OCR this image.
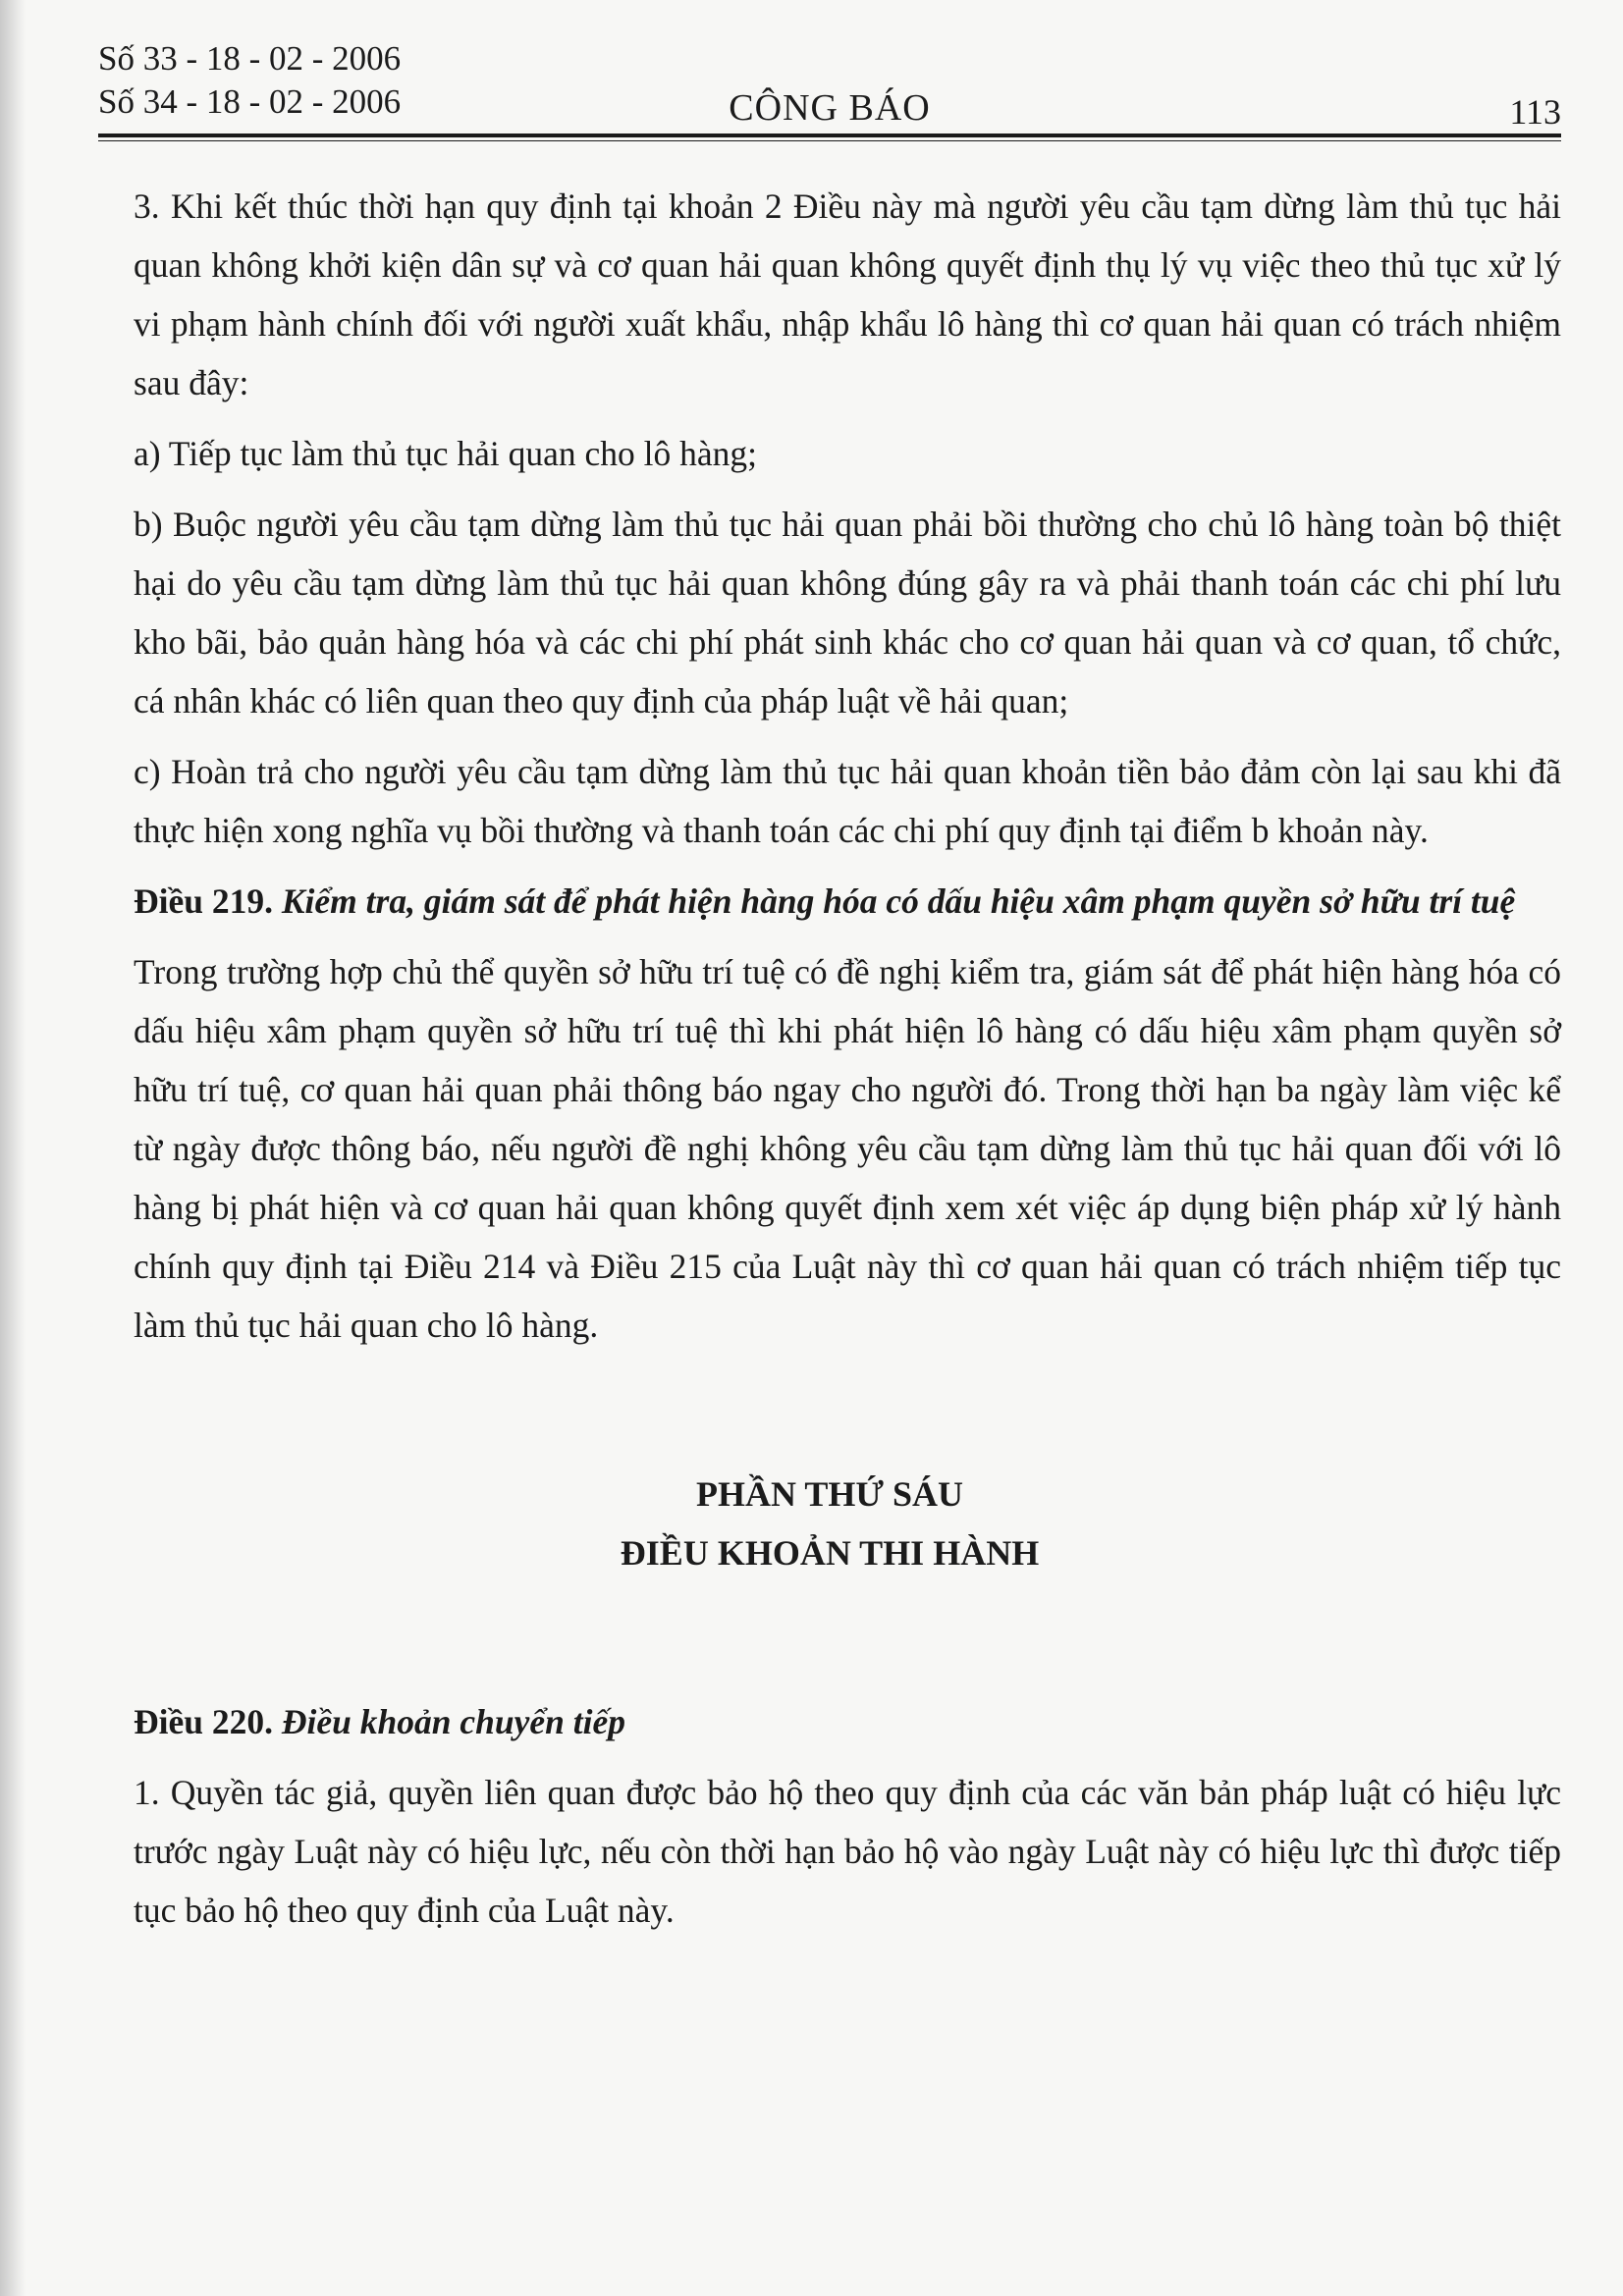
Số 33 - 18 - 02 - 2006
Số 34 - 18 - 02 - 2006	CÔNG BÁO	113

3. Khi kết thúc thời hạn quy định tại khoản 2 Điều này mà người yêu cầu tạm dừng làm thủ tục hải quan không khởi kiện dân sự và cơ quan hải quan không quyết định thụ lý vụ việc theo thủ tục xử lý vi phạm hành chính đối với người xuất khẩu, nhập khẩu lô hàng thì cơ quan hải quan có trách nhiệm sau đây:

a) Tiếp tục làm thủ tục hải quan cho lô hàng;

b) Buộc người yêu cầu tạm dừng làm thủ tục hải quan phải bồi thường cho chủ lô hàng toàn bộ thiệt hại do yêu cầu tạm dừng làm thủ tục hải quan không đúng gây ra và phải thanh toán các chi phí lưu kho bãi, bảo quản hàng hóa và các chi phí phát sinh khác cho cơ quan hải quan và cơ quan, tổ chức, cá nhân khác có liên quan theo quy định của pháp luật về hải quan;

c) Hoàn trả cho người yêu cầu tạm dừng làm thủ tục hải quan khoản tiền bảo đảm còn lại sau khi đã thực hiện xong nghĩa vụ bồi thường và thanh toán các chi phí quy định tại điểm b khoản này.

Điều 219. Kiểm tra, giám sát để phát hiện hàng hóa có dấu hiệu xâm phạm quyền sở hữu trí tuệ

Trong trường hợp chủ thể quyền sở hữu trí tuệ có đề nghị kiểm tra, giám sát để phát hiện hàng hóa có dấu hiệu xâm phạm quyền sở hữu trí tuệ thì khi phát hiện lô hàng có dấu hiệu xâm phạm quyền sở hữu trí tuệ, cơ quan hải quan phải thông báo ngay cho người đó. Trong thời hạn ba ngày làm việc kể từ ngày được thông báo, nếu người đề nghị không yêu cầu tạm dừng làm thủ tục hải quan đối với lô hàng bị phát hiện và cơ quan hải quan không quyết định xem xét việc áp dụng biện pháp xử lý hành chính quy định tại Điều 214 và Điều 215 của Luật này thì cơ quan hải quan có trách nhiệm tiếp tục làm thủ tục hải quan cho lô hàng.

PHẦN THỨ SÁU
ĐIỀU KHOẢN THI HÀNH

Điều 220. Điều khoản chuyển tiếp

1. Quyền tác giả, quyền liên quan được bảo hộ theo quy định của các văn bản pháp luật có hiệu lực trước ngày Luật này có hiệu lực, nếu còn thời hạn bảo hộ vào ngày Luật này có hiệu lực thì được tiếp tục bảo hộ theo quy định của Luật này.
